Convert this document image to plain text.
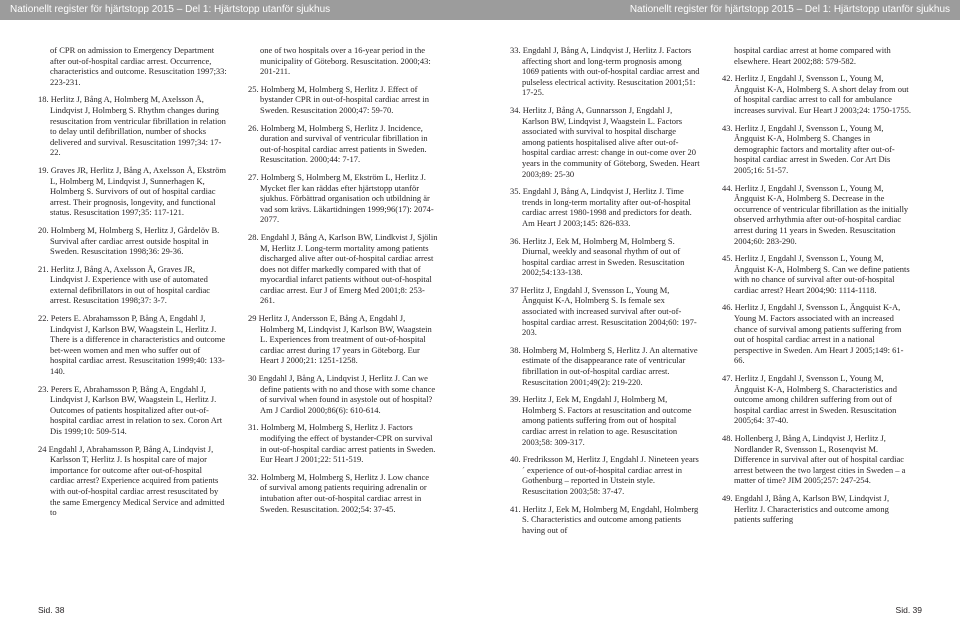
Nationellt register för hjärtstopp 2015 – Del 1: Hjärtstopp utanför sjukhus	Nationellt register för hjärtstopp 2015 – Del 1: Hjärtstopp utanför sjukhus

of CPR on admission to Emergency Department after out-of-hospital cardiac arrest. Occurrence, characteristics and outcome. Resuscitation 1997;33: 223-231.

18. Herlitz J, Bång A, Holmberg M, Axelsson Å, Lindqvist J, Holmberg S. Rhythm changes during resuscitation from ventricular fibrillation in relation to delay until defibrillation, number of shocks delivered and survival. Resuscitation 1997;34: 17-22.

19. Graves JR, Herlitz J, Bång A, Axelsson Å, Ekström L, Holmberg M, Lindqvist J, Sunnerhagen K, Holmberg S. Survivors of out of hospital cardiac arrest. Their prognosis, longevity, and functional status. Resuscitation 1997;35: 117-121.

20. Holmberg M, Holmberg S, Herlitz J, Gårdelöv B. Survival after cardiac arrest outside hospital in Sweden. Resuscitation 1998;36: 29-36.

21. Herlitz J, Bång A, Axelsson Å, Graves JR, Lindqvist J. Experience with use of automated external defibrillators in out of hospital cardiac arrest. Resuscitation 1998;37: 3-7.

22. Peters E. Abrahamsson P, Bång A, Engdahl J, Lindqvist J, Karlson BW, Waagstein L, Herlitz J. There is a difference in characteristics and outcome bet-ween women and men who suffer out of hospital cardiac arrest. Resuscitation 1999;40: 133-140.

23. Perers E, Abrahamsson P, Bång A, Engdahl J, Lindqvist J, Karlson BW, Waagstein L, Herlitz J. Outcomes of patients hospitalized after out-of-hospital cardiac arrest in relation to sex. Coron Art Dis 1999;10: 509-514.

24 Engdahl J, Abrahamsson P, Bång A, Lindqvist J, Karlsson T, Herlitz J. Is hospital care of major importance for outcome after out-of-hospital cardiac arrest? Experience acquired from patients with out-of-hospital cardiac arrest resuscitated by the same Emergency Medical Service and admitted to

one of two hospitals over a 16-year period in the municipality of Göteborg. Resuscitation. 2000;43: 201-211.

25. Holmberg M, Holmberg S, Herlitz J. Effect of bystander CPR in out-of-hospital cardiac arrest in Sweden. Resuscitation 2000;47: 59-70.

26. Holmberg M, Holmberg S, Herlitz J. Incidence, duration and survival of ventricular fibrillation in out-of-hospital cardiac arrest patients in Sweden. Resuscitation. 2000;44: 7-17.

27. Holmberg S, Holmberg M, Ekström L, Herlitz J. Mycket fler kan räddas efter hjärtstopp utanför sjukhus. Förbättrad organisation och utbildning är vad som krävs. Läkartidningen 1999;96(17): 2074-2077.

28. Engdahl J, Bång A, Karlson BW, Lindkvist J, Sjölin M, Herlitz J. Long-term mortality among patients discharged alive after out-of-hospital cardiac arrest does not differ markedly compared with that of myocardial infarct patients without out-of-hospital cardiac arrest. Eur J of Emerg Med 2001;8: 253-261.

29 Herlitz J, Andersson E, Bång A, Engdahl J, Holmberg M, Lindqvist J, Karlson BW, Waagstein L. Experiences from treatment of out-of-hospital cardiac arrest during 17 years in Göteborg. Eur Heart J 2000;21: 1251-1258.

30 Engdahl J, Bång A, Lindqvist J, Herlitz J. Can we define patients with no and those with some chance of survival when found in asystole out of hospital? Am J Cardiol 2000;86(6): 610-614.

31. Holmberg M, Holmberg S, Herlitz J. Factors modifying the effect of bystander-CPR on survival in out-of-hospital cardiac arrest patients in Sweden. Eur Heart J 2001;22: 511-519.

32. Holmberg M, Holmberg S, Herlitz J. Low chance of survival among patients requiring adrenalin or intubation after out-of-hospital cardiac arrest in Sweden. Resuscitation. 2002;54: 37-45.

33. Engdahl J, Bång A, Lindqvist J, Herlitz J. Factors affecting short and long-term prognosis among 1069 patients with out-of-hospital cardiac arrest and pulseless electrical activity. Resuscitation 2001;51: 17-25.

34. Herlitz J, Bång A, Gunnarsson J, Engdahl J, Karlson BW, Lindqvist J, Waagstein L. Factors associated with survival to hospital discharge among patients hospitalised alive after out-of-hospital cardiac arrest: change in out-come over 20 years in the community of Göteborg, Sweden. Heart 2003;89: 25-30

35. Engdahl J, Bång A, Lindqvist J, Herlitz J. Time trends in long-term mortality after out-of-hospital cardiac arrest 1980-1998 and predictors for death. Am Heart J 2003;145: 826-833.

36. Herlitz J, Eek M, Holmberg M, Holmberg S. Diurnal, weekly and seasonal rhythm of out of hospital cardiac arrest in Sweden. Resuscitation 2002;54:133-138.

37 Herlitz J, Engdahl J, Svensson L, Young M, Ängquist K-A, Holmberg S. Is female sex associated with increased survival after out-of-hospital cardiac arrest. Resuscitation 2004;60: 197-203.

38. Holmberg M, Holmberg S, Herlitz J. An alternative estimate of the disappearance rate of ventricular fibrillation in out-of-hospital cardiac arrest. Resuscitation 2001;49(2): 219-220.

39. Herlitz J, Eek M, Engdahl J, Holmberg M, Holmberg S. Factors at resuscitation and outcome among patients suffering from out of hospital cardiac arrest in relation to age. Resuscitation 2003;58: 309-317.

40. Fredriksson M, Herlitz J, Engdahl J. Nineteen years´ experience of out-of-hospital cardiac arrest in Gothenburg – reported in Utstein style. Resuscitation 2003;58: 37-47.

41. Herlitz J, Eek M, Holmberg M, Engdahl, Holmberg S. Characteristics and outcome among patients having out of

hospital cardiac arrest at home compared with elsewhere. Heart 2002;88: 579-582.

42. Herlitz J, Engdahl J, Svensson L, Young M, Ängquist K-A, Holmberg S. A short delay from out of hospital cardiac arrest to call for ambulance increases survival. Eur Heart J 2003;24: 1750-1755.

43. Herlitz J, Engdahl J, Svensson L, Young M, Ängquist K-A, Holmberg S. Changes in demographic factors and mortality after out-of-hospital cardiac arrest in Sweden. Cor Art Dis 2005;16: 51-57.

44. Herlitz J, Engdahl J, Svensson L, Young M, Ängquist K-A, Holmberg S. Decrease in the occurrence of ventricular fibrillation as the initially observed arrhythmia after out-of-hospital cardiac arrest during 11 years in Sweden. Resuscitation 2004;60: 283-290.

45. Herlitz J, Engdahl J, Svensson L, Young M, Ängquist K-A, Holmberg S. Can we define patients with no chance of survival after out-of-hospital cardiac arrest? Heart 2004;90: 1114-1118.

46. Herlitz J, Engdahl J, Svensson L, Ängquist K-A, Young M. Factors associated with an increased chance of survival among patients suffering from out of hospital cardiac arrest in a national perspective in Sweden. Am Heart J 2005;149: 61-66.

47. Herlitz J, Engdahl J, Svensson L, Young M, Ängquist K-A, Holmberg S. Characteristics and outcome among children suffering from out of hospital cardiac arrest in Sweden. Resuscitation 2005;64: 37-40.

48. Hollenberg J, Bång A, Lindqvist J, Herlitz J, Nordlander R, Svensson L, Rosenqvist M. Difference in survival after out of hospital cardiac arrest between the two largest cities in Sweden – a matter of time? JIM 2005;257: 247-254.

49. Engdahl J, Bång A, Karlson BW, Lindqvist J, Herlitz J. Characteristics and outcome among patients suffering

Sid. 38	Sid. 39
